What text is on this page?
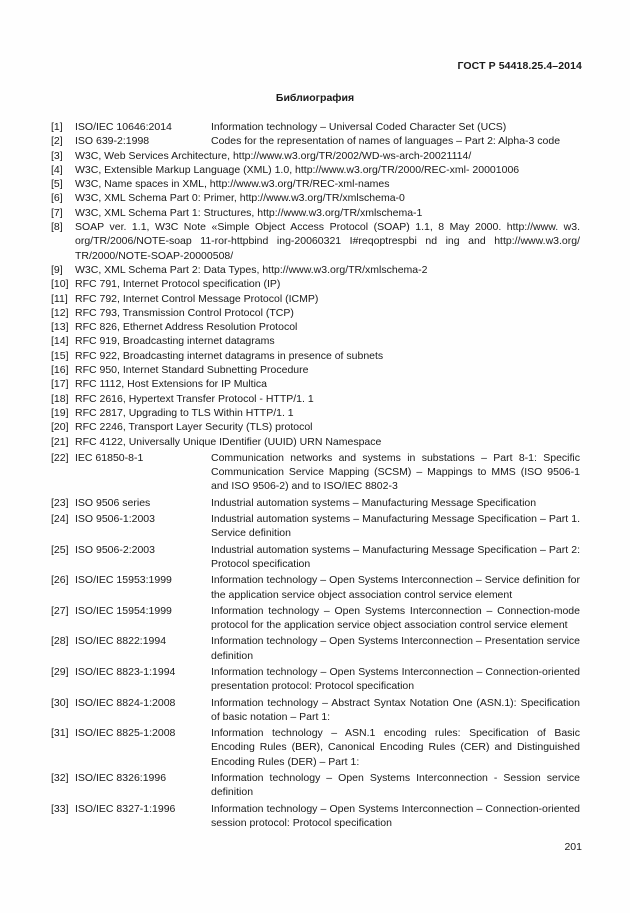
ГОСТ Р 54418.25.4–2014
Библиография
[1]	ISO/IEC 10646:2014	Information technology – Universal Coded Character Set (UCS)
[2]	ISO 639-2:1998	Codes for the representation of names of languages – Part 2: Alpha-3 code
[3]	W3C, Web Services Architecture, http://www.w3.org/TR/2002/WD-ws-arch-20021114/
[4]	W3C, Extensible Markup Language (XML) 1.0, http://www.w3.org/TR/2000/REC-xml- 20001006
[5]	W3C, Name spaces in XML, http://www.w3.org/TR/REC-xml-names
[6]	W3C, XML Schema Part 0: Primer, http://www.w3.org/TR/xmlschema-0
[7]	W3C, XML Schema Part 1: Structures, http://www.w3.org/TR/xmlschema-1
[8]	SOAP ver. 1.1, W3C Note «Simple Object Access Protocol (SOAP) 1.1, 8 May 2000. http://www. w3. org/TR/2006/NOTE-soap 11-ror-httpbind ing-20060321 I#reqoptrespbi nd ing and http://www.w3.org/ TR/2000/NOTE-SOAP-20000508/
[9]	W3C, XML Schema Part 2: Data Types, http://www.w3.org/TR/xmlschema-2
[10] RFC 791, Internet Protocol specification (IP)
[11] RFC 792, Internet Control Message Protocol (ICMP)
[12] RFC 793, Transmission Control Protocol (TCP)
[13] RFC 826, Ethernet Address Resolution Protocol
[14] RFC 919, Broadcasting internet datagrams
[15] RFC 922, Broadcasting internet datagrams in presence of subnets
[16] RFC 950, Internet Standard Subnetting Procedure
[17] RFC 1112, Host Extensions for IP Multica
[18] RFC 2616, Hypertext Transfer Protocol - HTTP/1. 1
[19] RFC 2817, Upgrading to TLS Within HTTP/1. 1
[20] RFC 2246, Transport Layer Security (TLS) protocol
[21] RFC 4122, Universally Unique IDentifier (UUID) URN Namespace
[22] IEC 61850-8-1	Communication networks and systems in substations – Part 8-1: Specific Communication Service Mapping (SCSM) – Mappings to MMS (ISO 9506-1 and ISO 9506-2) and to ISO/IEC 8802-3
[23] ISO 9506 series	Industrial automation systems – Manufacturing Message Specification
[24] ISO 9506-1:2003	Industrial automation systems – Manufacturing Message Specification – Part 1. Service definition
[25] ISO 9506-2:2003	Industrial automation systems – Manufacturing Message Specification – Part 2: Protocol specification
[26] ISO/IEC 15953:1999	Information technology – Open Systems Interconnection – Service definition for the application service object association control service element
[27] ISO/IEC 15954:1999	Information technology – Open Systems Interconnection – Connection-mode protocol for the application service object association control service element
[28] ISO/IEC 8822:1994	Information technology – Open Systems Interconnection – Presentation service definition
[29] ISO/IEC 8823-1:1994	Information technology – Open Systems Interconnection – Connection-oriented presentation protocol: Protocol specification
[30] ISO/IEC 8824-1:2008	Information technology – Abstract Syntax Notation One (ASN.1): Specification of basic notation – Part 1:
[31] ISO/IEC 8825-1:2008	Information technology – ASN.1 encoding rules: Specification of Basic Encoding Rules (BER), Canonical Encoding Rules (CER) and Distinguished Encoding Rules (DER) – Part 1:
[32] ISO/IEC 8326:1996	Information technology – Open Systems Interconnection - Session service definition
[33] ISO/IEC 8327-1:1996	Information technology – Open Systems Interconnection – Connection-oriented session protocol: Protocol specification
201
